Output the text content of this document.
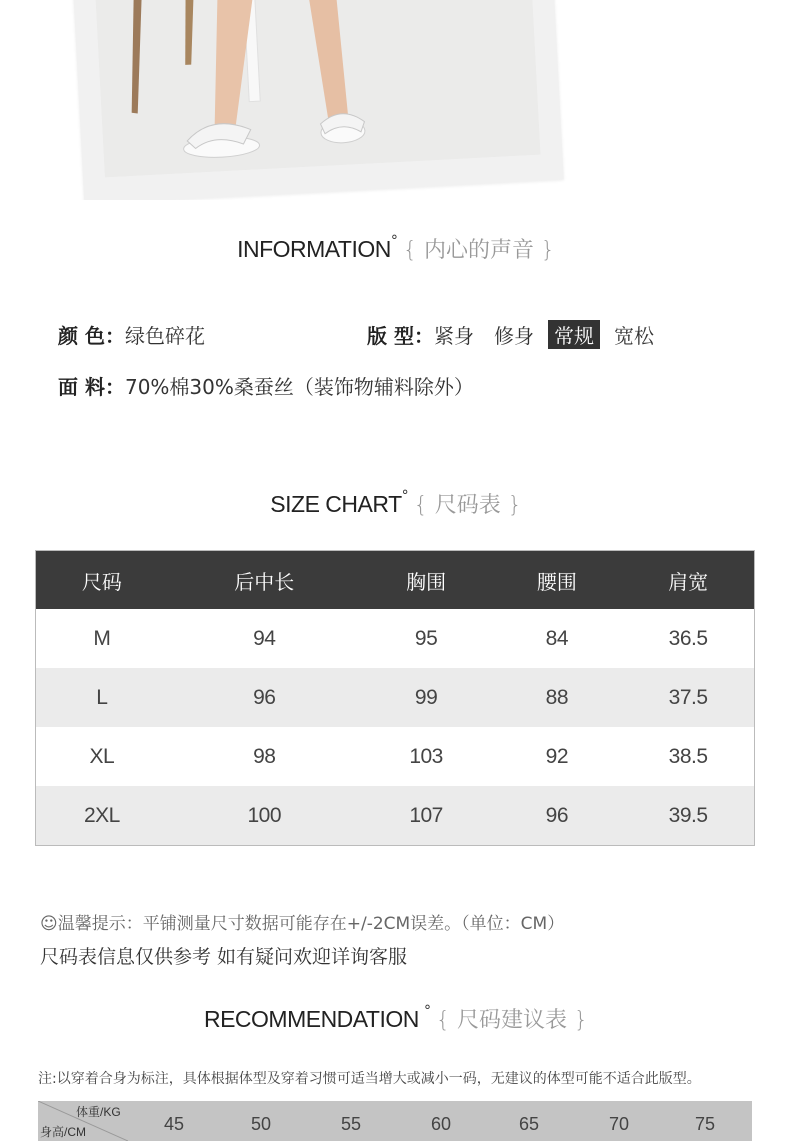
INFORMATION° { 内心的声音 }
颜 色：绿色碎花	版 型：紧身 修身 常规 宽松
面 料：70%棉30%桑蚕丝（装饰物辅料除外）
SIZE CHART° { 尺码表 }
尺码	后中长	胸围	腰围	肩宽
M	94	95	84	36.5
L	96	99	88	37.5
XL	98	103	92	38.5
2XL	100	107	96	39.5
☺温馨提示：平铺测量尺寸数据可能存在+/-2CM误差。（单位：CM）
尺码表信息仅供参考 如有疑问欢迎详询客服
RECOMMENDATION ° { 尺码建议表 }
注:以穿着合身为标注，具体根据体型及穿着习惯可适当增大或减小一码，无建议的体型可能不适合此版型。
体重/KG
身高/CM	45	50	55	60	65	70	75
